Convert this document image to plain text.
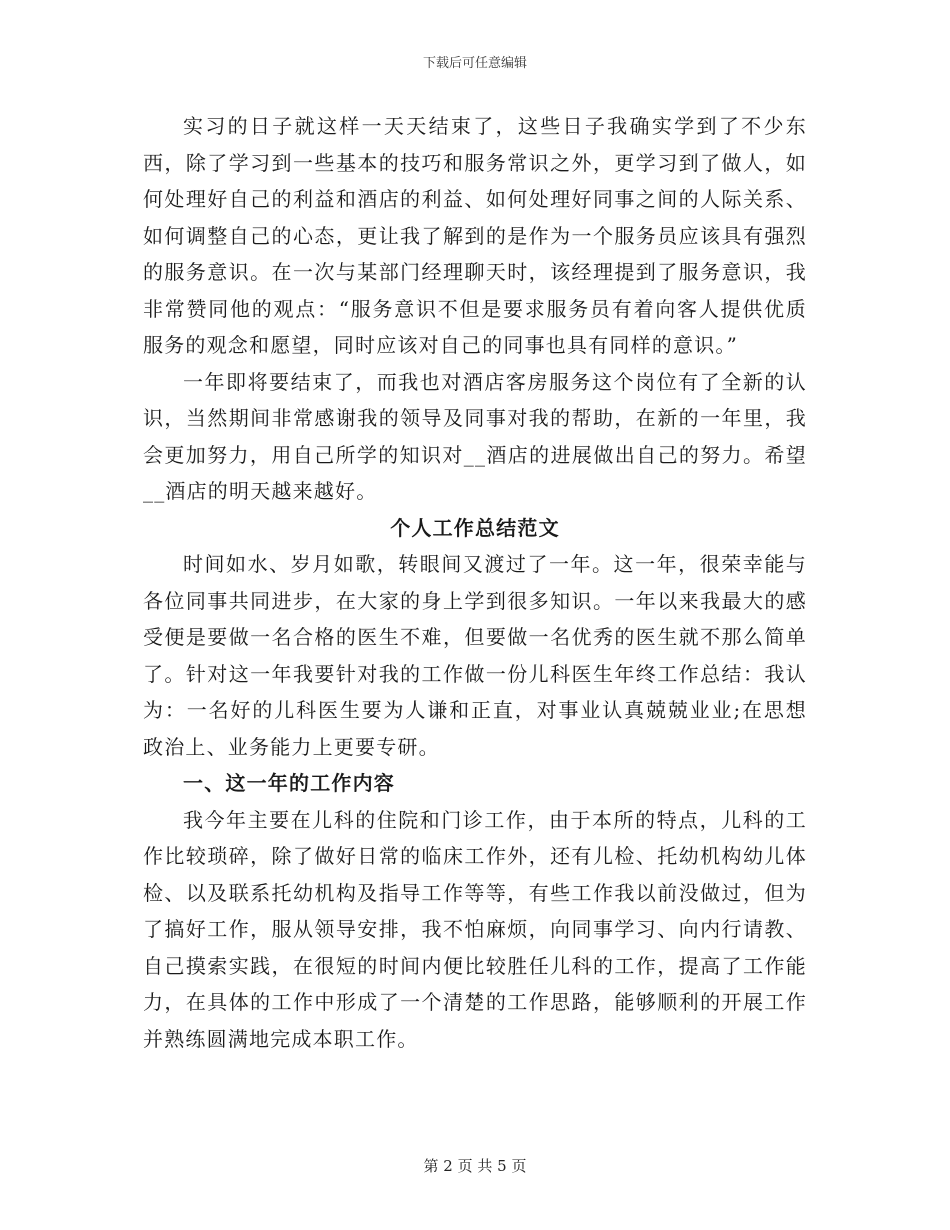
下载后可任意编辑

实习的日子就这样一天天结束了，这些日子我确实学到了不少东西，除了学习到一些基本的技巧和服务常识之外，更学习到了做人，如何处理好自己的利益和酒店的利益、如何处理好同事之间的人际关系、如何调整自己的心态，更让我了解到的是作为一个服务员应该具有强烈的服务意识。在一次与某部门经理聊天时，该经理提到了服务意识，我非常赞同他的观点：“服务意识不但是要求服务员有着向客人提供优质服务的观念和愿望，同时应该对自己的同事也具有同样的意识。”

一年即将要结束了，而我也对酒店客房服务这个岗位有了全新的认识，当然期间非常感谢我的领导及同事对我的帮助，在新的一年里，我会更加努力，用自己所学的知识对__酒店的进展做出自己的努力。希望__酒店的明天越来越好。

个人工作总结范文

时间如水、岁月如歌，转眼间又渡过了一年。这一年，很荣幸能与各位同事共同进步，在大家的身上学到很多知识。一年以来我最大的感受便是要做一名合格的医生不难，但要做一名优秀的医生就不那么简单了。针对这一年我要针对我的工作做一份儿科医生年终工作总结：我认为：一名好的儿科医生要为人谦和正直，对事业认真兢兢业业;在思想政治上、业务能力上更要专研。

一、这一年的工作内容

我今年主要在儿科的住院和门诊工作，由于本所的特点，儿科的工作比较琐碎，除了做好日常的临床工作外，还有儿检、托幼机构幼儿体检、以及联系托幼机构及指导工作等等，有些工作我以前没做过，但为了搞好工作，服从领导安排，我不怕麻烦，向同事学习、向内行请教、自己摸索实践，在很短的时间内便比较胜任儿科的工作，提高了工作能力，在具体的工作中形成了一个清楚的工作思路，能够顺利的开展工作并熟练圆满地完成本职工作。

第 2 页 共 5 页
